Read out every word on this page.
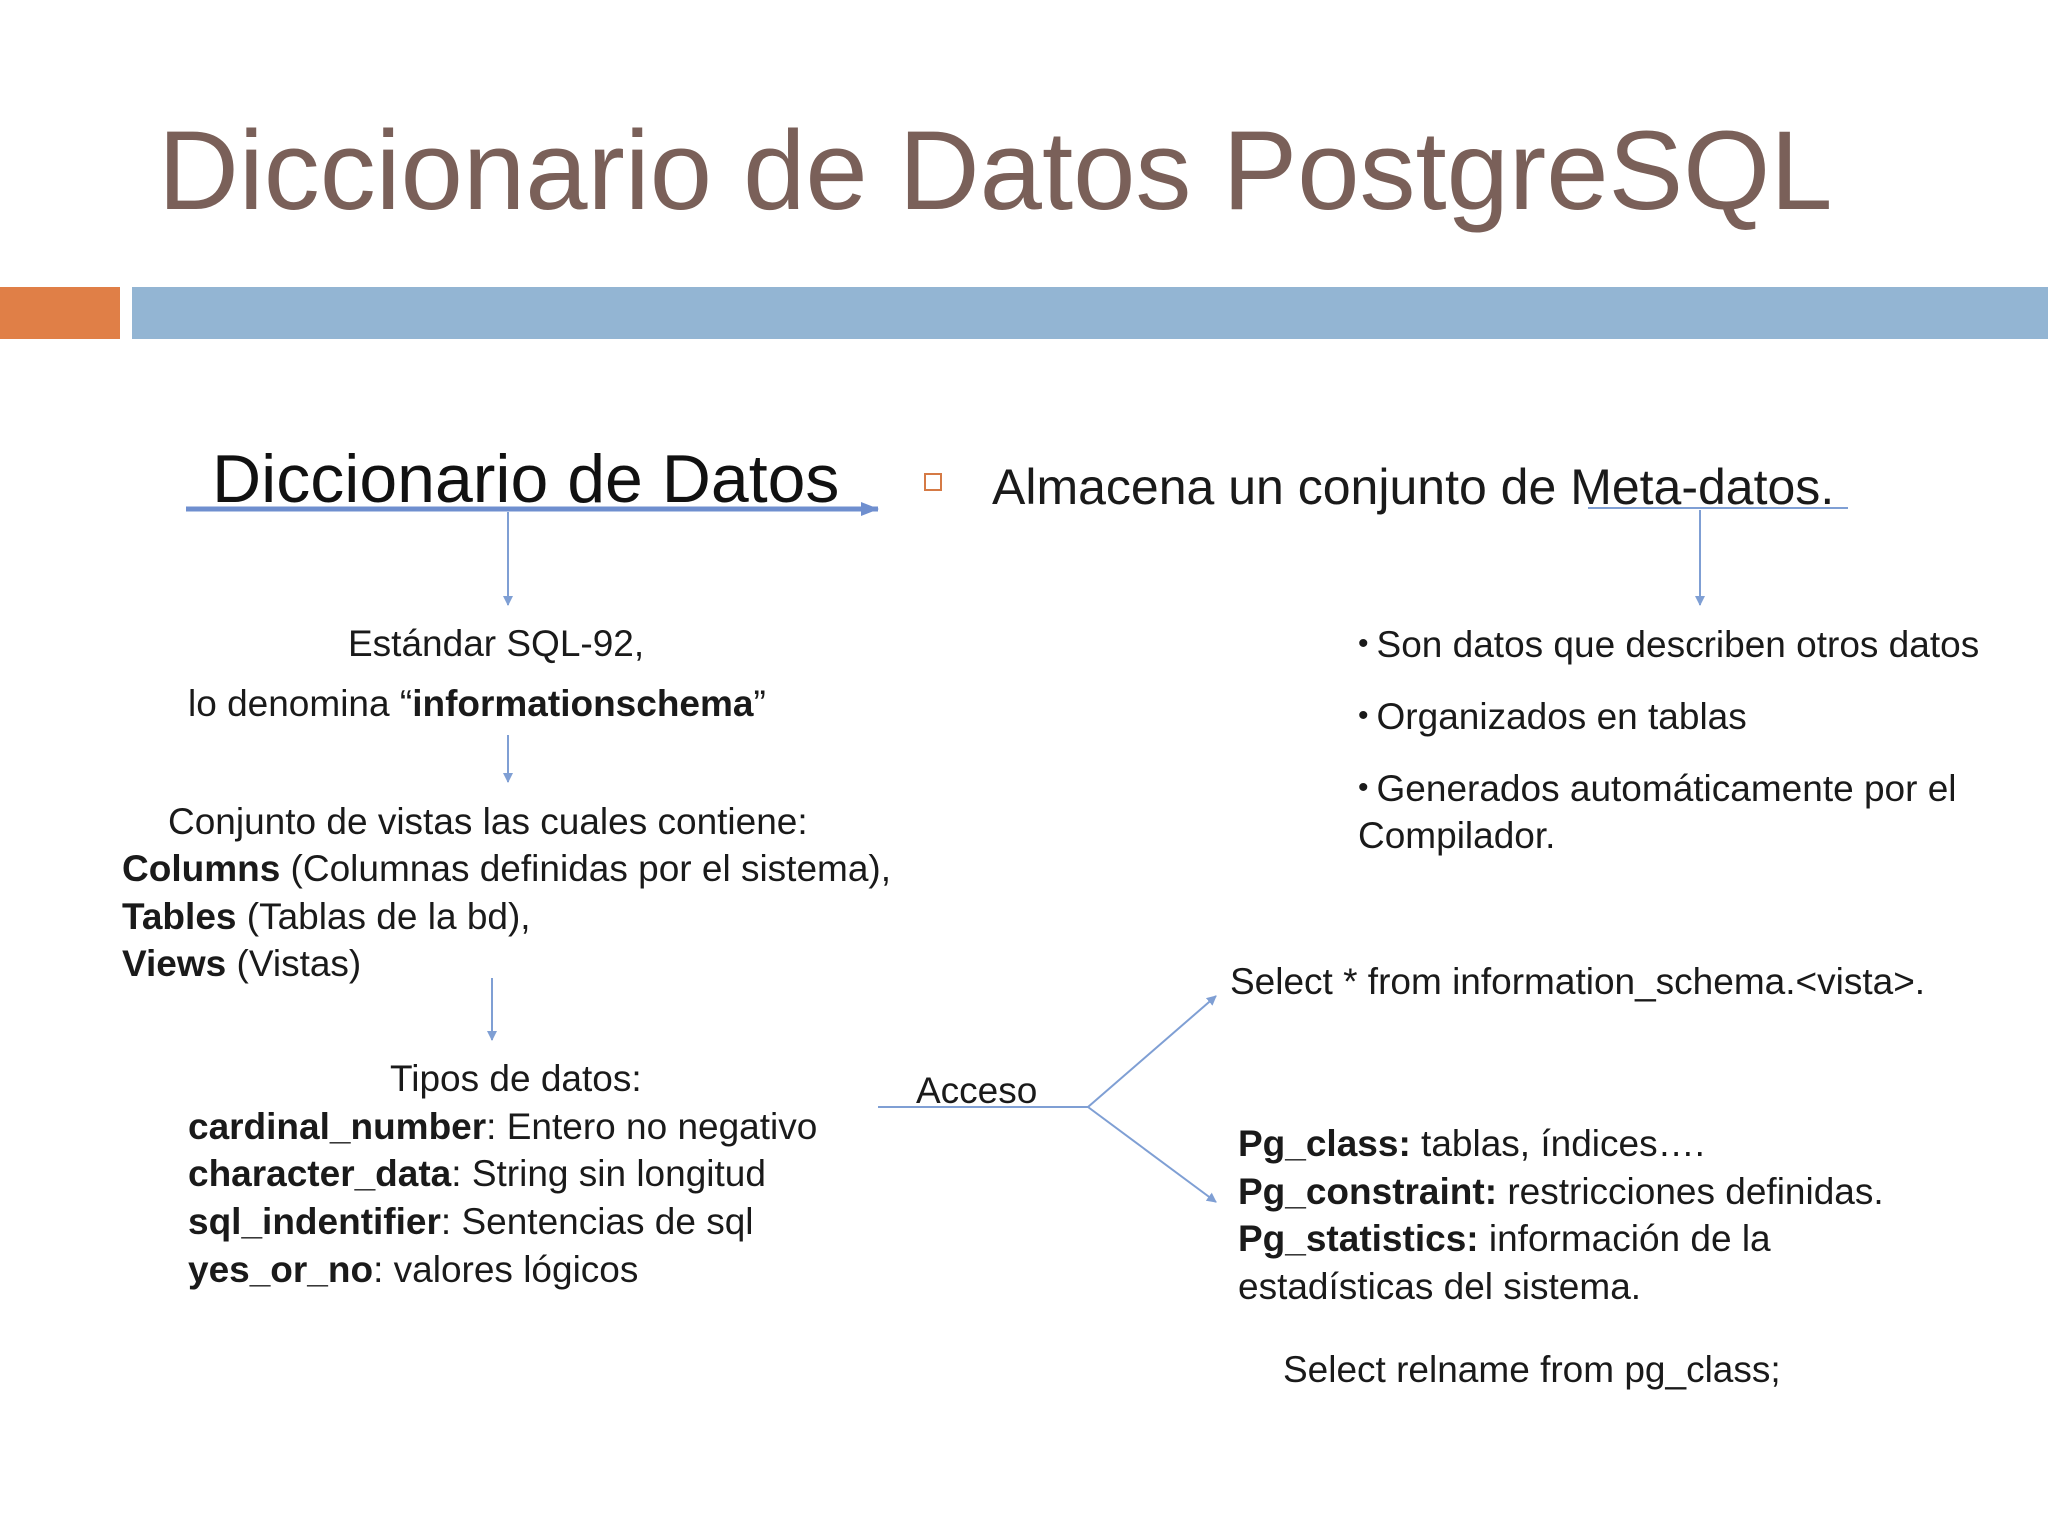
Diccionario de Datos PostgreSQL
Diccionario de Datos	Almacena un conjunto de Meta-datos.
Estándar SQL-92,
lo denomina “informationschema”
Conjunto de vistas las cuales contiene:
Columns (Columnas definidas por el sistema),
Tables (Tablas de la bd),
Views (Vistas)
Tipos de datos:
cardinal_number: Entero no negativo
character_data: String sin longitud
sql_indentifier: Sentencias de sql
yes_or_no: valores lógicos
Acceso
• Son datos que describen otros datos
• Organizados en tablas
• Generados automáticamente por el
Compilador.
Select * from information_schema.<vista>.
Pg_class: tablas, índices….
Pg_constraint: restricciones definidas.
Pg_statistics: información de la
estadísticas del sistema.
Select relname from pg_class;
